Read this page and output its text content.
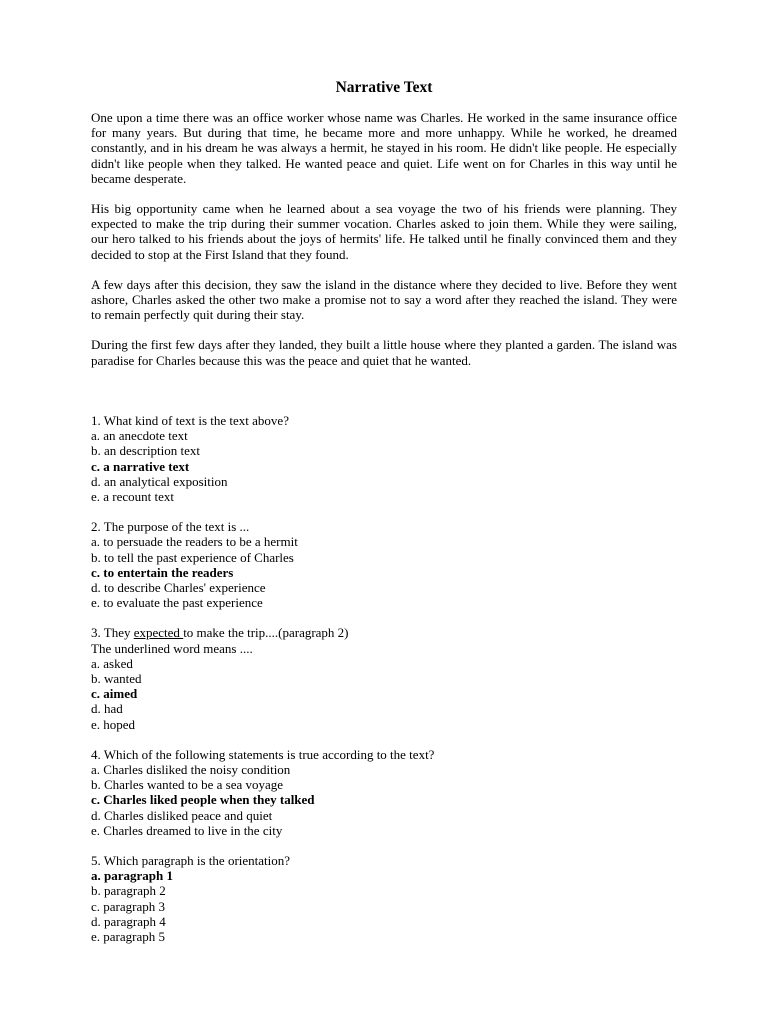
Narrative Text

One upon a time there was an office worker whose name was Charles. He worked in the same insurance office for many years. But during that time, he became more and more unhappy. While he worked, he dreamed constantly, and in his dream he was always a hermit, he stayed in his room. He didn't like people. He especially didn't like people when they talked. He wanted peace and quiet. Life went on for Charles in this way until he became desperate.

His big opportunity came when he learned about a sea voyage the two of his friends were planning. They expected to make the trip during their summer vocation. Charles asked to join them. While they were sailing, our hero talked to his friends about the joys of hermits' life. He talked until he finally convinced them and they decided to stop at the First Island that they found.

A few days after this decision, they saw the island in the distance where they decided to live. Before they went ashore, Charles asked the other two make a promise not to say a word after they reached the island. They were to remain perfectly quit during their stay.

During the first few days after they landed, they built a little house where they planted a garden. The island was paradise for Charles because this was the peace and quiet that he wanted.

1. What kind of text is the text above?
a. an anecdote text
b. an description text
c. a narrative text
d. an analytical exposition
e. a recount text
2. The purpose of the text is ...
a. to persuade the readers to be a hermit
b. to tell the past experience of Charles
c. to entertain the readers
d. to describe Charles' experience
e. to evaluate the past experience
3. They expected to make the trip....(paragraph 2)
The underlined word means ....
a. asked
b. wanted
c. aimed
d. had
e. hoped
4. Which of the following statements is true according to the text?
a. Charles disliked the noisy condition
b. Charles wanted to be a sea voyage
c. Charles liked people when they talked
d. Charles disliked peace and quiet
e. Charles dreamed to live in the city
5. Which paragraph is the orientation?
a. paragraph 1
b. paragraph 2
c. paragraph 3
d. paragraph 4
e. paragraph 5
